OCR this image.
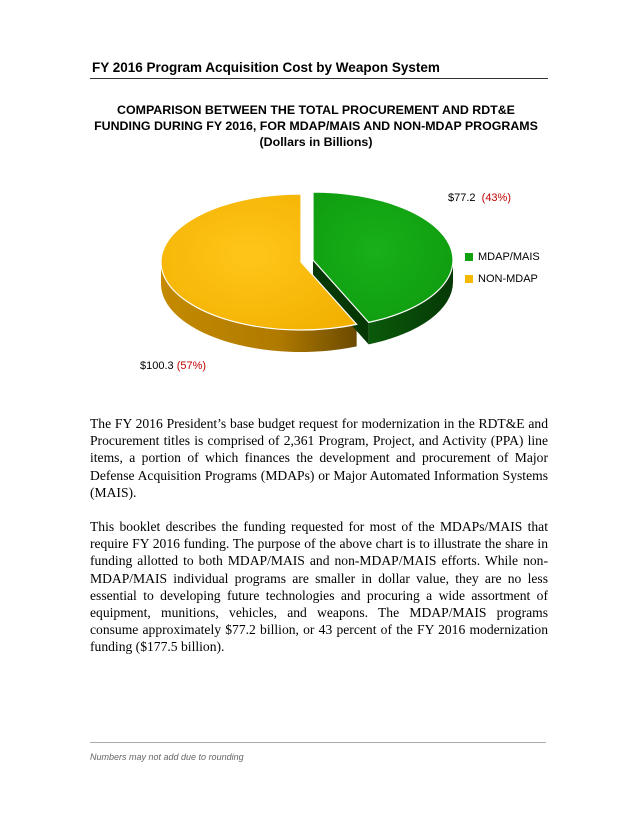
FY 2016 Program Acquisition Cost by Weapon System
COMPARISON BETWEEN THE TOTAL PROCUREMENT AND RDT&E
FUNDING DURING FY 2016, FOR MDAP/MAIS AND NON-MDAP PROGRAMS
(Dollars in Billions)
$77.2 (43%)
$100.3 (57%)
MDAP/MAIS
NON-MDAP

The FY 2016 President’s base budget request for modernization in the RDT&E and Procurement titles is comprised of 2,361 Program, Project, and Activity (PPA) line items, a portion of which finances the development and procurement of Major Defense Acquisition Programs (MDAPs) or Major Automated Information Systems (MAIS).

This booklet describes the funding requested for most of the MDAPs/MAIS that require FY 2016 funding. The purpose of the above chart is to illustrate the share in funding allotted to both MDAP/MAIS and non-MDAP/MAIS efforts. While non-MDAP/MAIS individual programs are smaller in dollar value, they are no less essential to developing future technologies and procuring a wide assortment of equipment, munitions, vehicles, and weapons. The MDAP/MAIS programs consume approximately $77.2 billion, or 43 percent of the FY 2016 modernization funding ($177.5 billion).

Numbers may not add due to rounding
